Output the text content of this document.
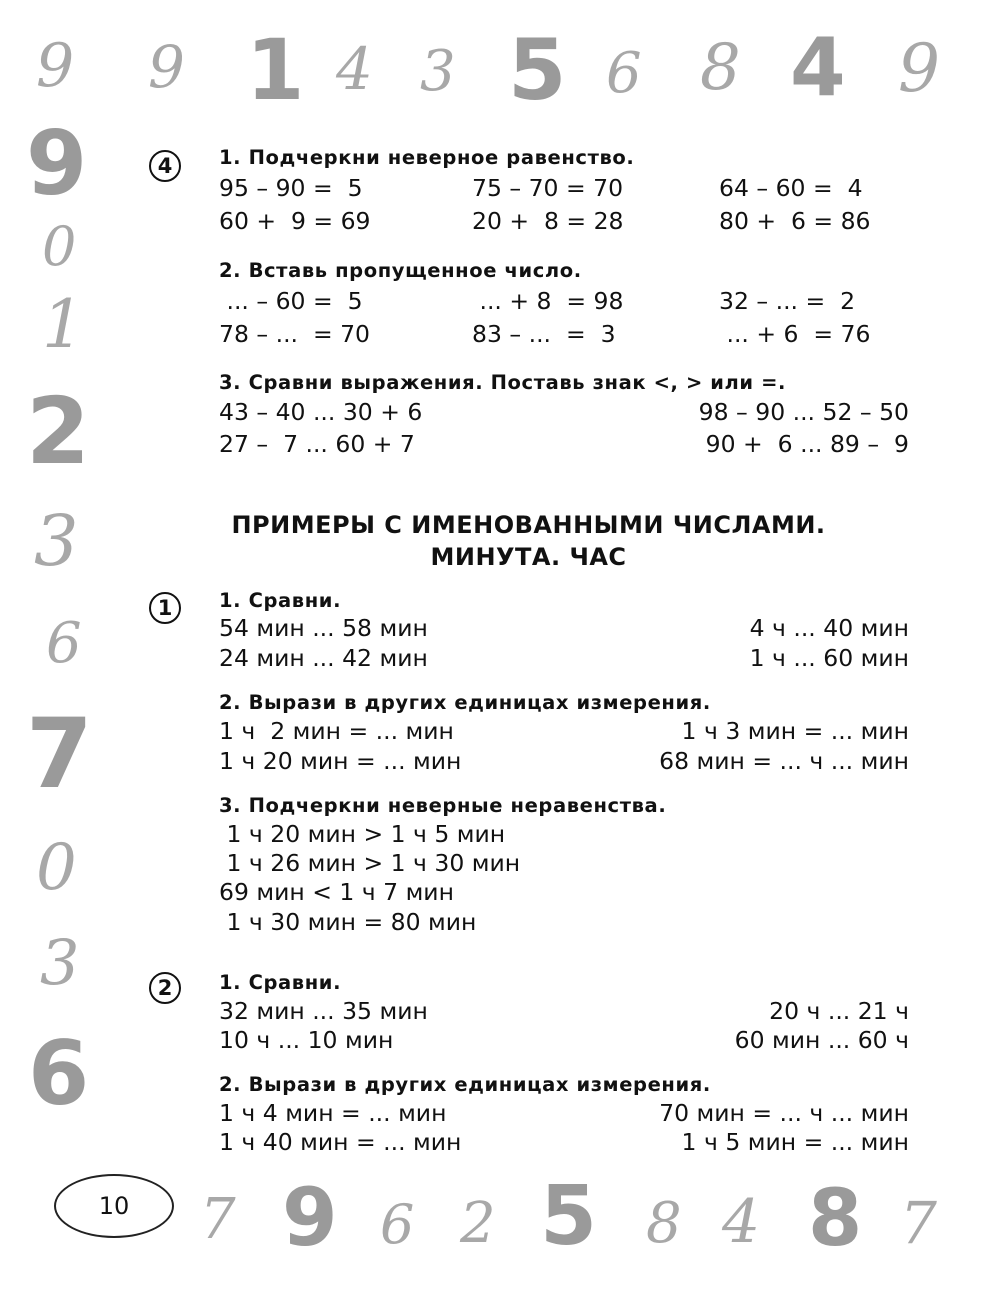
9 9 1 4 3 5 6 8 4 9
9
0
1
2
3
6
7
0
3
6
7 9 6 2 5 8 4 8 7
10
4	1. Подчеркни неверное равенство.
95 – 90 =  5	75 – 70 = 70	64 – 60 =  4
60 +  9 = 69	20 +  8 = 28	80 +  6 = 86
2. Вставь пропущенное число.
... – 60 =  5	... + 8  = 98	32 – ... =  2
78 – ...  = 70	83 – ...  =  3	... + 6  = 76
3. Сравни выражения. Поставь знак <, > или =.
43 – 40 ... 30 + 6	98 – 90 ... 52 – 50
27 –  7 ... 60 + 7	90 +  6 ... 89 –  9
ПРИМЕРЫ С ИМЕНОВАННЫМИ ЧИСЛАМИ.
МИНУТА. ЧАС
1	1. Сравни.
54 мин ... 58 мин	4 ч ... 40 мин
24 мин ... 42 мин	1 ч ... 60 мин
2. Вырази в других единицах измерения.
1 ч  2 мин = ... мин	1 ч 3 мин = ... мин
1 ч 20 мин = ... мин	68 мин = ... ч ... мин
3. Подчеркни неверные неравенства.
1 ч 20 мин > 1 ч 5 мин
1 ч 26 мин > 1 ч 30 мин
69 мин < 1 ч 7 мин
1 ч 30 мин = 80 мин
2	1. Сравни.
32 мин ... 35 мин	20 ч ... 21 ч
10 ч ... 10 мин	60 мин ... 60 ч
2. Вырази в других единицах измерения.
1 ч 4 мин = ... мин	70 мин = ... ч ... мин
1 ч 40 мин = ... мин	1 ч 5 мин = ... мин
